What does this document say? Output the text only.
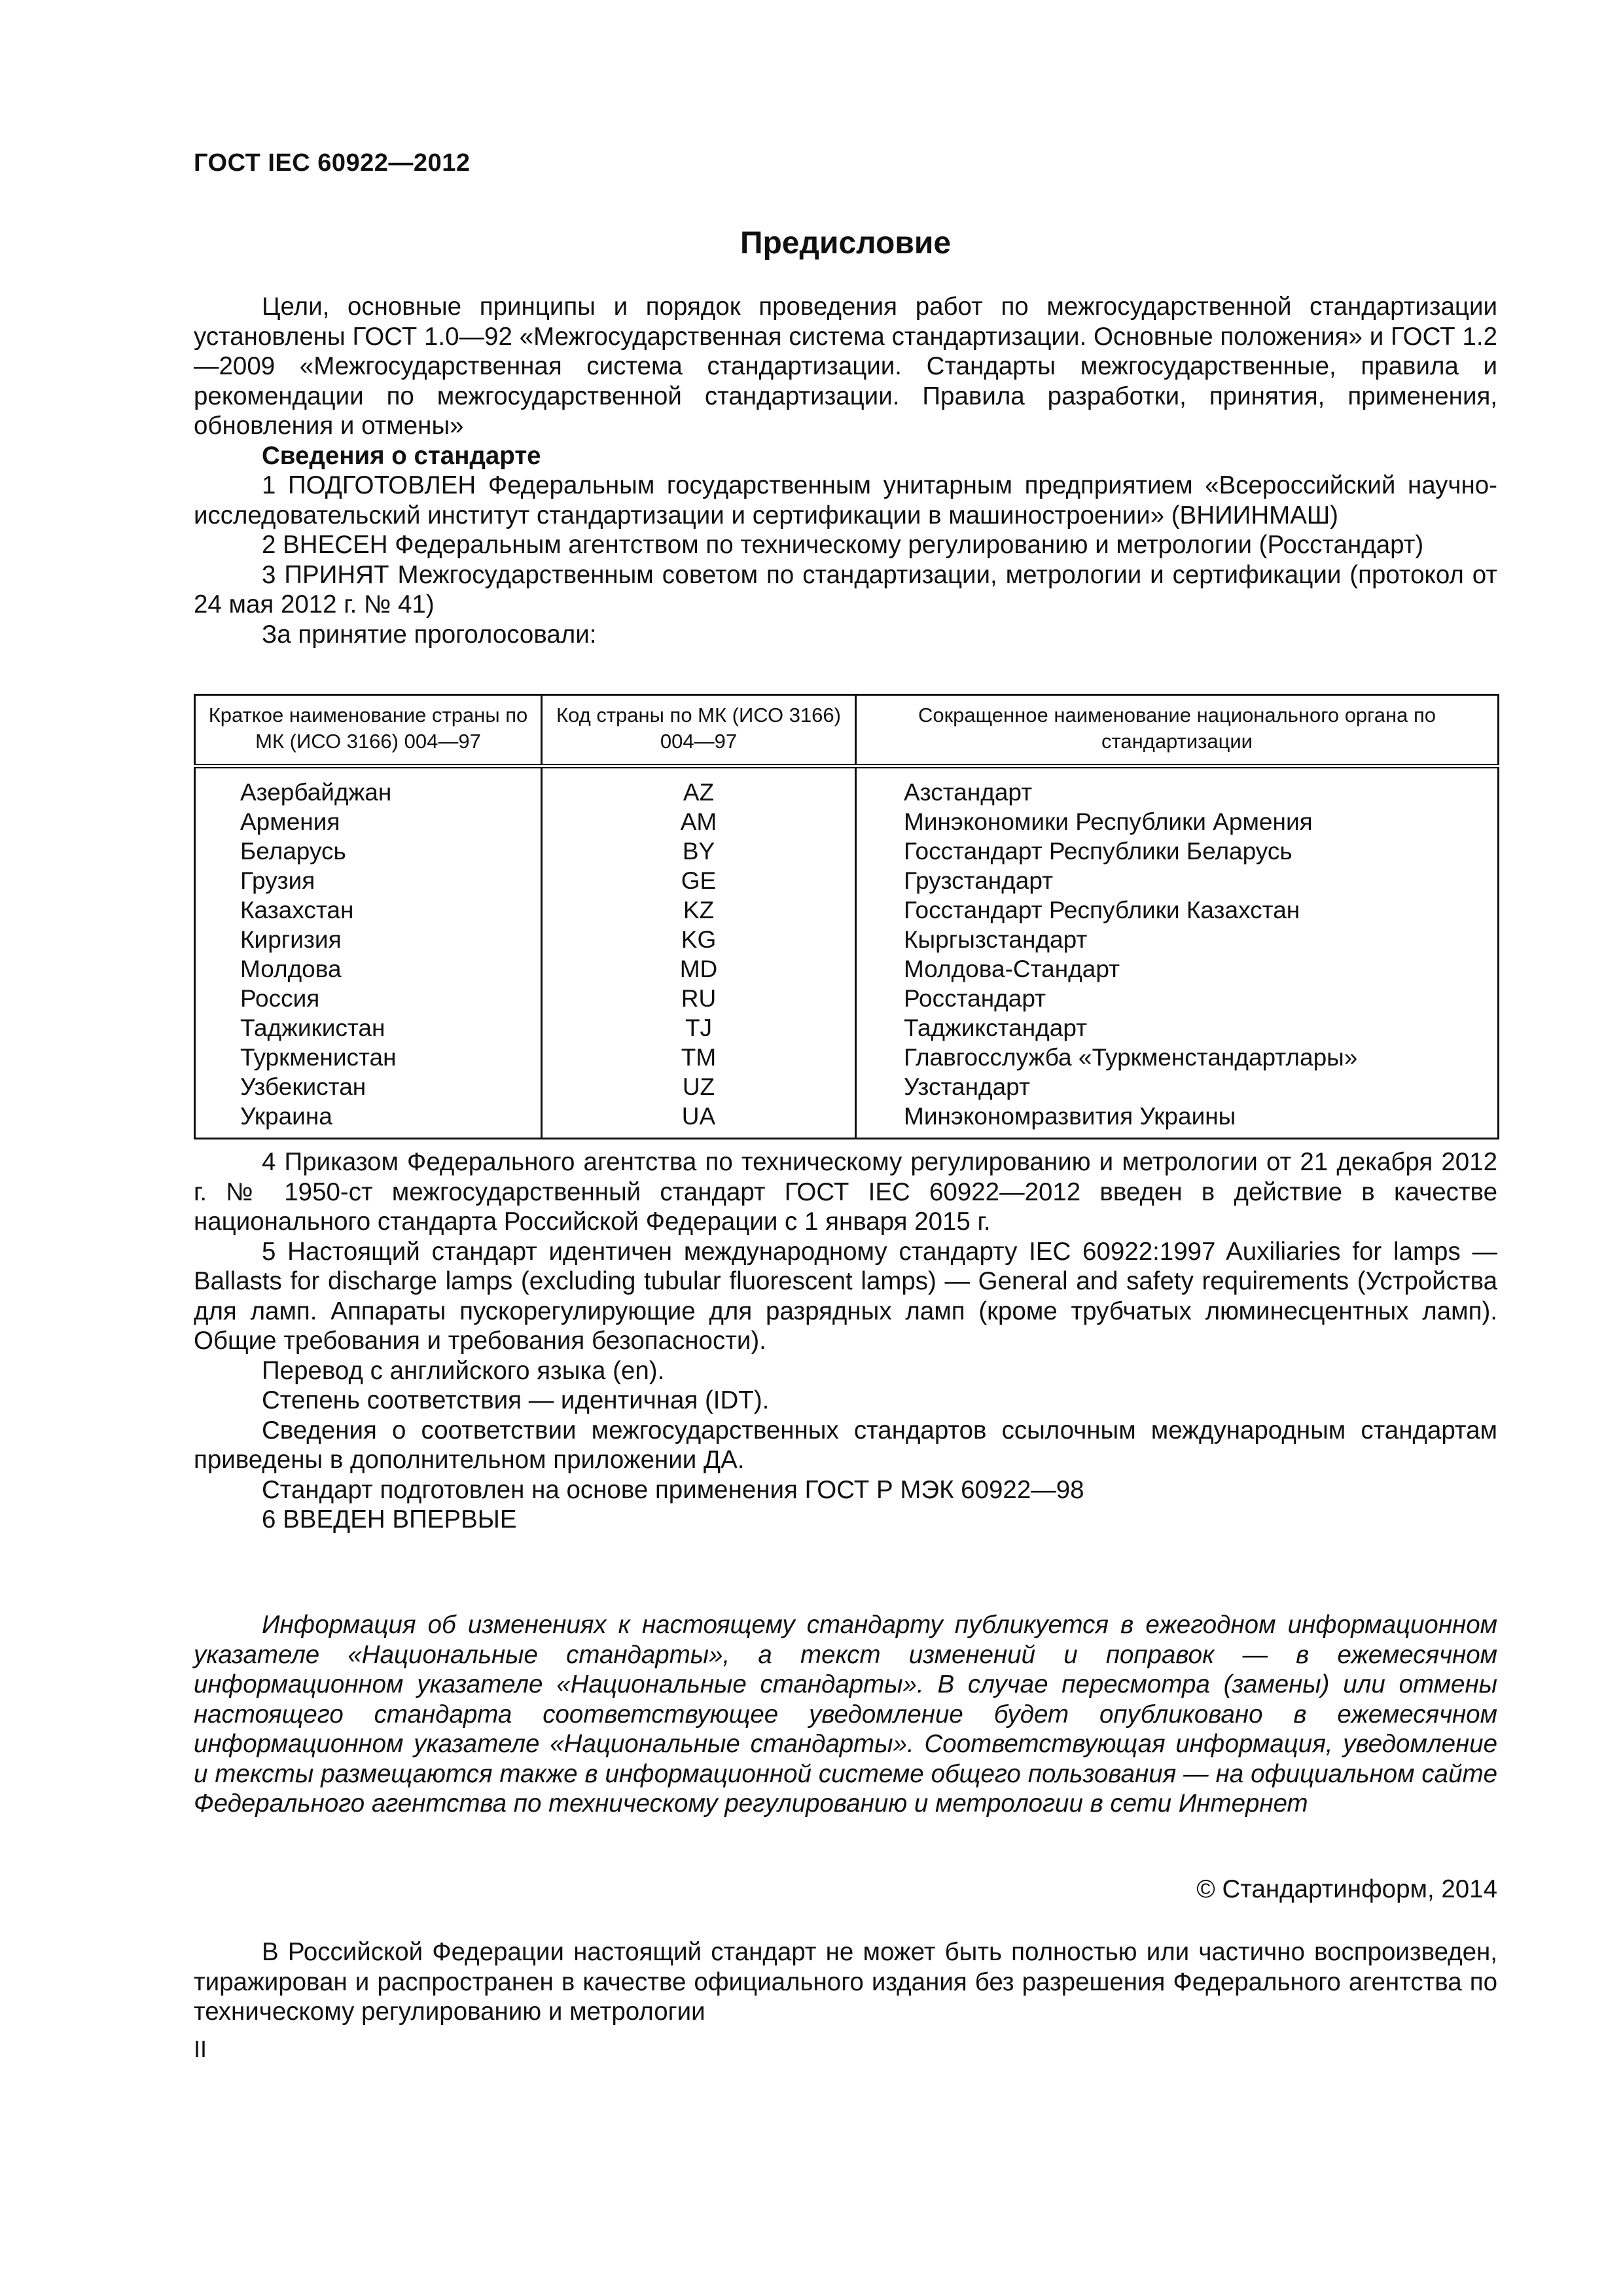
ГОСТ IEC 60922—2012
Предисловие

Цели, основные принципы и порядок проведения работ по межгосударственной стандартизации установлены ГОСТ 1.0—92 «Межгосударственная система стандартизации. Основные положения» и ГОСТ 1.2—2009 «Межгосударственная система стандартизации. Стандарты межгосударственные, правила и рекомендации по межгосударственной стандартизации. Правила разработки, принятия, применения, обновления и отмены»

Сведения о стандарте

1 ПОДГОТОВЛЕН Федеральным государственным унитарным предприятием «Всероссийский научно-исследовательский институт стандартизации и сертификации в машиностроении» (ВНИИНМАШ)

2 ВНЕСЕН Федеральным агентством по техническому регулированию и метрологии (Росстандарт)

3 ПРИНЯТ Межгосударственным советом по стандартизации, метрологии и сертификации (протокол от 24 мая 2012 г. № 41)

За принятие проголосовали:

Краткое наименование страны по МК (ИСО 3166) 004—97	Код страны по МК (ИСО 3166) 004—97	Сокращенное наименование национального органа по стандартизации
Азербайджан	AZ	Азстандарт
Армения	AM	Минэкономики Республики Армения
Беларусь	BY	Госстандарт Республики Беларусь
Грузия	GE	Грузстандарт
Казахстан	KZ	Госстандарт Республики Казахстан
Киргизия	KG	Кыргызстандарт
Молдова	MD	Молдова-Стандарт
Россия	RU	Росстандарт
Таджикистан	TJ	Таджикстандарт
Туркменистан	TM	Главгосслужба «Туркменстандартлары»
Узбекистан	UZ	Узстандарт
Украина	UA	Минэкономразвития Украины

4 Приказом Федерального агентства по техническому регулированию и метрологии от 21 декабря 2012 г. № 1950-ст межгосударственный стандарт ГОСТ IEC 60922—2012 введен в действие в качестве национального стандарта Российской Федерации с 1 января 2015 г.

5 Настоящий стандарт идентичен международному стандарту IEC 60922:1997 Auxiliaries for lamps — Ballasts for discharge lamps (excluding tubular fluorescent lamps) — General and safety requirements (Устройства для ламп. Аппараты пускорегулирующие для разрядных ламп (кроме трубчатых люминесцентных ламп). Общие требования и требования безопасности).

Перевод с английского языка (en).

Степень соответствия — идентичная (IDT).

Сведения о соответствии межгосударственных стандартов ссылочным международным стандартам приведены в дополнительном приложении ДА.

Стандарт подготовлен на основе применения ГОСТ Р МЭК 60922—98

6 ВВЕДЕН ВПЕРВЫЕ

Информация об изменениях к настоящему стандарту публикуется в ежегодном информационном указателе «Национальные стандарты», а текст изменений и поправок — в ежемесячном информационном указателе «Национальные стандарты». В случае пересмотра (замены) или отмены настоящего стандарта соответствующее уведомление будет опубликовано в ежемесячном информационном указателе «Национальные стандарты». Соответствующая информация, уведомление и тексты размещаются также в информационной системе общего пользования — на официальном сайте Федерального агентства по техническому регулированию и метрологии в сети Интернет

© Стандартинформ, 2014

В Российской Федерации настоящий стандарт не может быть полностью или частично воспроизведен, тиражирован и распространен в качестве официального издания без разрешения Федерального агентства по техническому регулированию и метрологии

II
